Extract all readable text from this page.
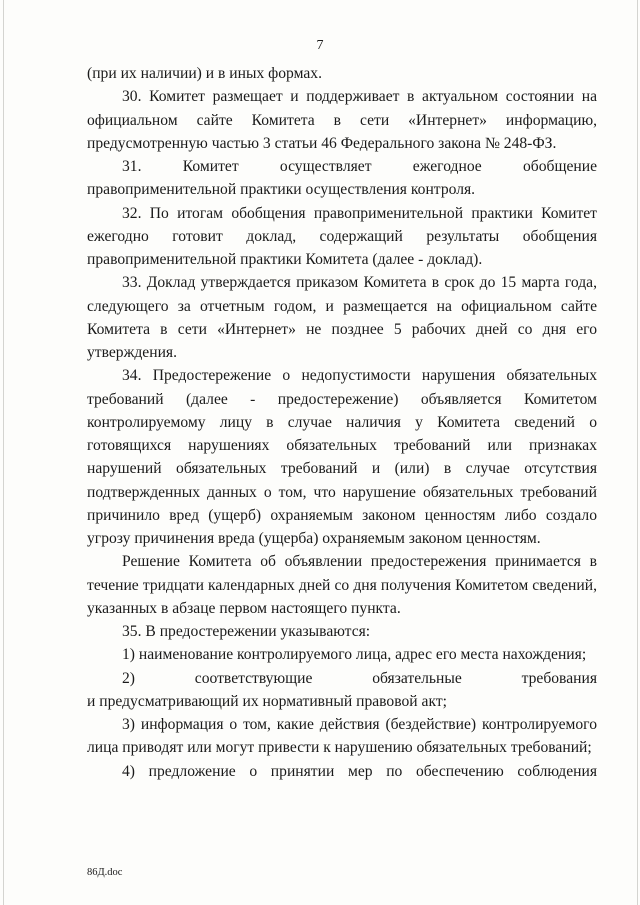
7

(при их наличии) и в иных формах.

30. Комитет размещает и поддерживает в актуальном состоянии на официальном сайте Комитета в сети «Интернет» информацию, предусмотренную частью 3 статьи 46 Федерального закона № 248-ФЗ.

31. Комитет осуществляет ежегодное обобщение правоприменительной практики осуществления контроля.

32. По итогам обобщения правоприменительной практики Комитет ежегодно готовит доклад, содержащий результаты обобщения правоприменительной практики Комитета (далее - доклад).

33. Доклад утверждается приказом Комитета в срок до 15 марта года, следующего за отчетным годом, и размещается на официальном сайте Комитета в сети «Интернет» не позднее 5 рабочих дней со дня его утверждения.

34. Предостережение о недопустимости нарушения обязательных требований (далее - предостережение) объявляется Комитетом контролируемому лицу в случае наличия у Комитета сведений о готовящихся нарушениях обязательных требований или признаках нарушений обязательных требований и (или) в случае отсутствия подтвержденных данных о том, что нарушение обязательных требований причинило вред (ущерб) охраняемым законом ценностям либо создало угрозу причинения вреда (ущерба) охраняемым законом ценностям.

Решение Комитета об объявлении предостережения принимается в течение тридцати календарных дней со дня получения Комитетом сведений, указанных в абзаце первом настоящего пункта.

35. В предостережении указываются:

1) наименование контролируемого лица, адрес его места нахождения;

2) соответствующие обязательные требования

и предусматривающий их нормативный правовой акт;

3) информация о том, какие действия (бездействие) контролируемого лица приводят или могут привести к нарушению обязательных требований;

4) предложение о принятии мер по обеспечению соблюдения

86Д.doc
